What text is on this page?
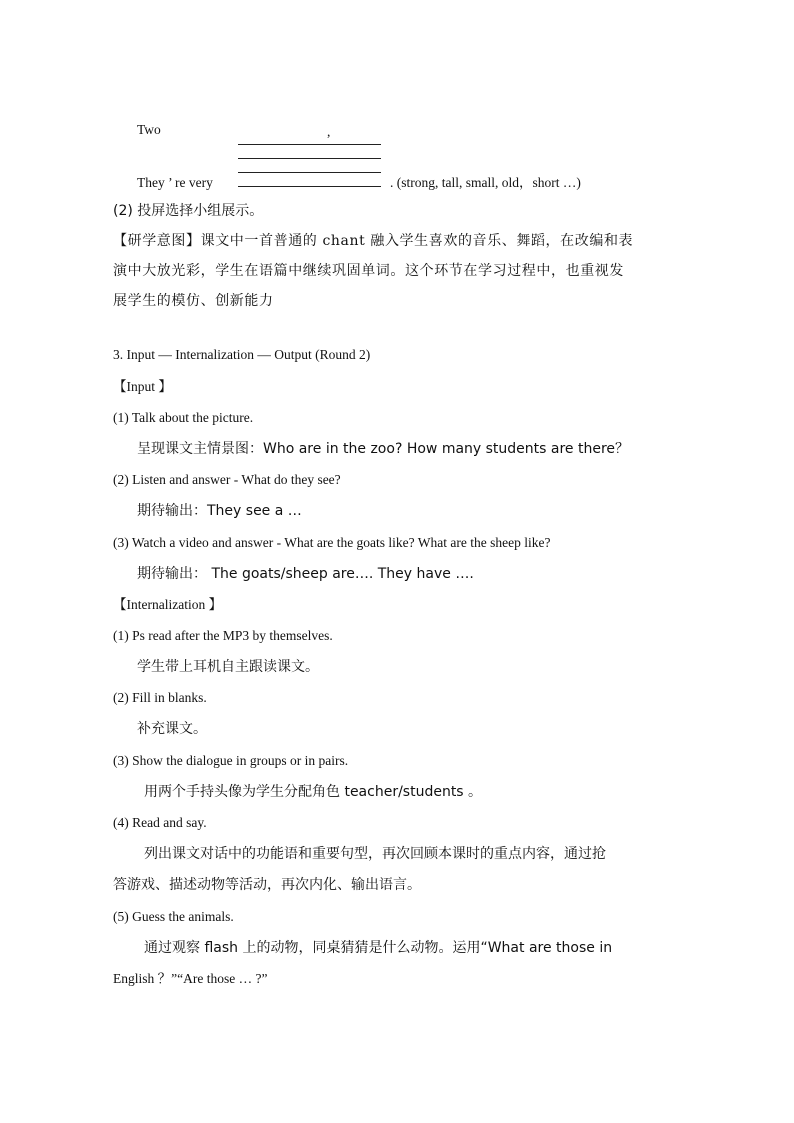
Two	,
They ’ re very	. (strong, tall, small, old，short …)
(2) 投屏选择小组展示。
【研学意图】课文中一首普通的 chant 融入学生喜欢的音乐、舞蹈，在改编和表
演中大放光彩，学生在语篇中继续巩固单词。这个环节在学习过程中，也重视发
展学生的模仿、创新能力
3. Input — Internalization — Output (Round 2)
【Input 】
(1) Talk about the picture.
呈现课文主情景图：Who are in the zoo? How many students are there？
(2) Listen and answer - What do they see?
期待输出：They see a …
(3) Watch a video and answer - What are the goats like? What are the sheep like?
期待输出： The goats/sheep are…. They have ….
【Internalization 】
(1) Ps read after the MP3 by themselves.
学生带上耳机自主跟读课文。
(2) Fill in blanks.
补充课文。
(3) Show the dialogue in groups or in pairs.
用两个手持头像为学生分配角色 teacher/students 。
(4) Read and say.
列出课文对话中的功能语和重要句型，再次回顾本课时的重点内容，通过抢
答游戏、描述动物等活动，再次内化、输出语言。
(5) Guess the animals.
通过观察 flash 上的动物，同桌猜猜是什么动物。运用“What are those in
English ？”“Are those … ?”
